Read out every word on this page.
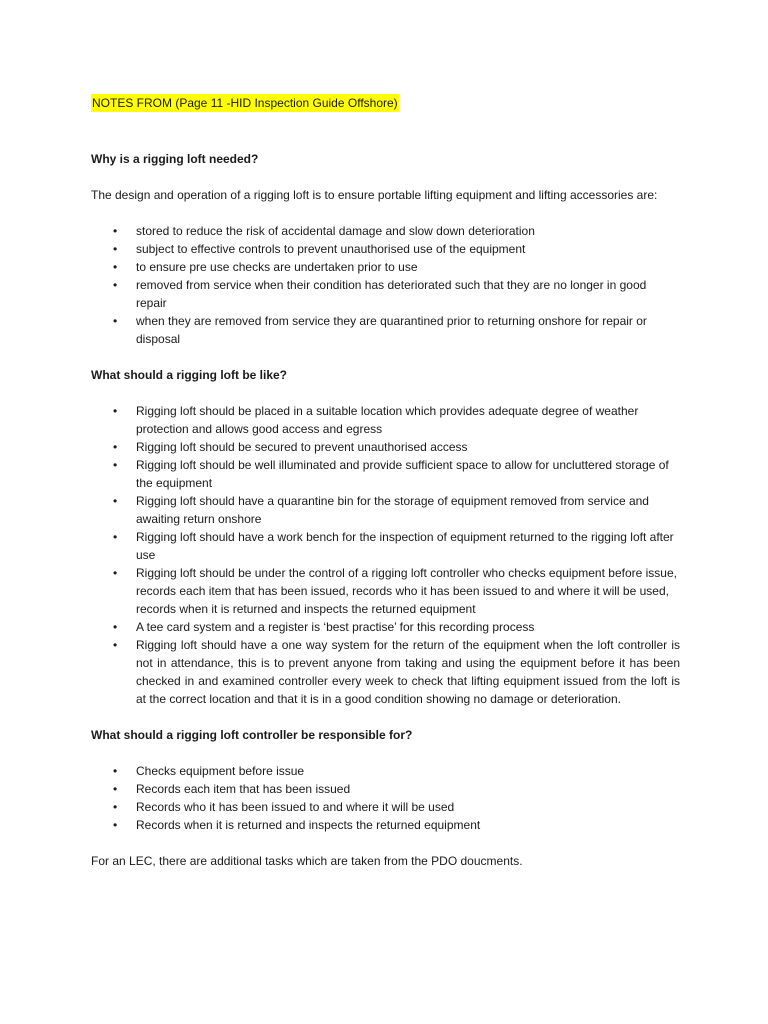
NOTES FROM (Page 11 -HID Inspection Guide Offshore)

Why is a rigging loft needed?

The design and operation of a rigging loft is to ensure portable lifting equipment and lifting accessories are:

• stored to reduce the risk of accidental damage and slow down deterioration
• subject to effective controls to prevent unauthorised use of the equipment
• to ensure pre use checks are undertaken prior to use
• removed from service when their condition has deteriorated such that they are no longer in good repair
• when they are removed from service they are quarantined prior to returning onshore for repair or disposal
What should a rigging loft be like?
• Rigging loft should be placed in a suitable location which provides adequate degree of weather protection and allows good access and egress
• Rigging loft should be secured to prevent unauthorised access
• Rigging loft should be well illuminated and provide sufficient space to allow for uncluttered storage of the equipment
• Rigging loft should have a quarantine bin for the storage of equipment removed from service and awaiting return onshore
• Rigging loft should have a work bench for the inspection of equipment returned to the rigging loft after use
• Rigging loft should be under the control of a rigging loft controller who checks equipment before issue, records each item that has been issued, records who it has been issued to and where it will be used, records when it is returned and inspects the returned equipment
• A tee card system and a register is ‘best practise’ for this recording process
• Rigging loft should have a one way system for the return of the equipment when the loft controller is not in attendance, this is to prevent anyone from taking and using the equipment before it has been checked in and examined controller every week to check that lifting equipment issued from the loft is at the correct location and that it is in a good condition showing no damage or deterioration.
What should a rigging loft controller be responsible for?
• Checks equipment before issue
• Records each item that has been issued
• Records who it has been issued to and where it will be used
• Records when it is returned and inspects the returned equipment

For an LEC, there are additional tasks which are taken from the PDO doucments.
